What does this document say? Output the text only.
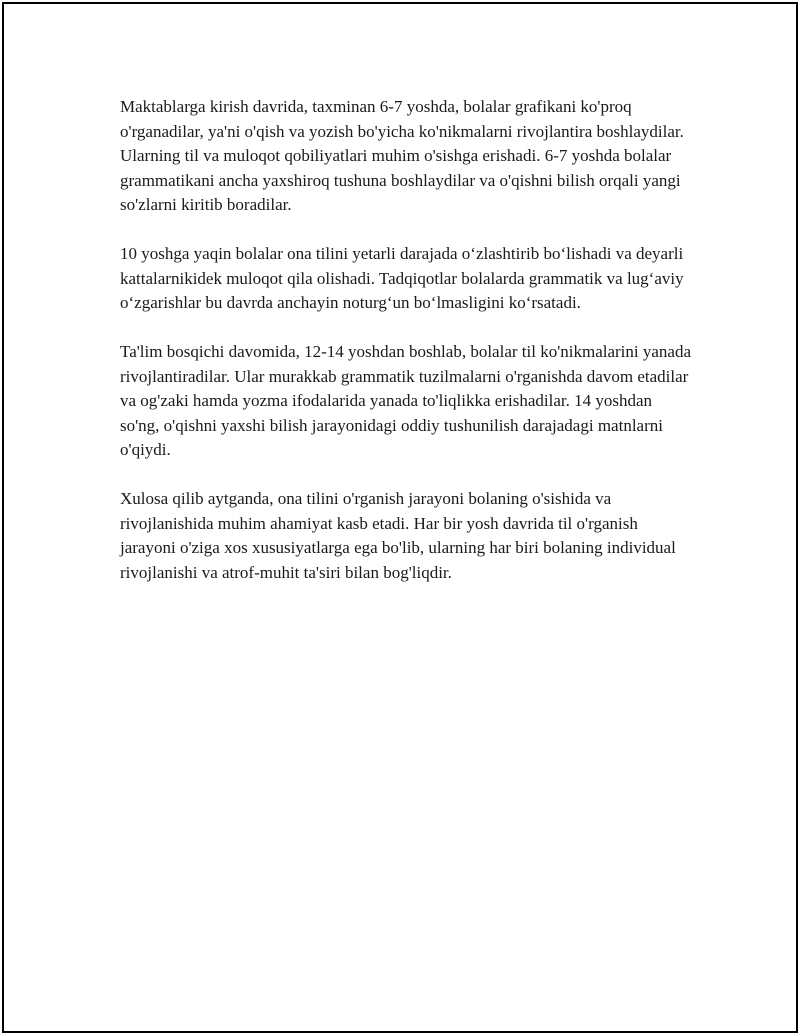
Maktablarga kirish davrida, taxminan 6-7 yoshda, bolalar grafikani ko'proq o'rganadilar, ya'ni o'qish va yozish bo'yicha ko'nikmalarni rivojlantira boshlaydilar. Ularning til va muloqot qobiliyatlari muhim o'sishga erishadi. 6-7 yoshda bolalar grammatikani ancha yaxshiroq tushuna boshlaydilar va o'qishni bilish orqali yangi so'zlarni kiritib boradilar.

10 yoshga yaqin bolalar ona tilini yetarli darajada o‘zlashtirib bo‘lishadi va deyarli kattalarnikidek muloqot qila olishadi. Tadqiqotlar bolalarda grammatik va lug‘aviy o‘zgarishlar bu davrda anchayin noturg‘un bo‘lmasligini ko‘rsatadi.

Ta'lim bosqichi davomida, 12-14 yoshdan boshlab, bolalar til ko'nikmalarini yanada rivojlantiradilar. Ular murakkab grammatik tuzilmalarni o'rganishda davom etadilar va og'zaki hamda yozma ifodalarida yanada to'liqlikka erishadilar. 14 yoshdan so'ng, o'qishni yaxshi bilish jarayonidagi oddiy tushunilish darajadagi matnlarni o'qiydi.

Xulosa qilib aytganda, ona tilini o'rganish jarayoni bolaning o'sishida va rivojlanishida muhim ahamiyat kasb etadi. Har bir yosh davrida til o'rganish jarayoni o'ziga xos xususiyatlarga ega bo'lib, ularning har biri bolaning individual rivojlanishi va atrof-muhit ta'siri bilan bog'liqdir.
